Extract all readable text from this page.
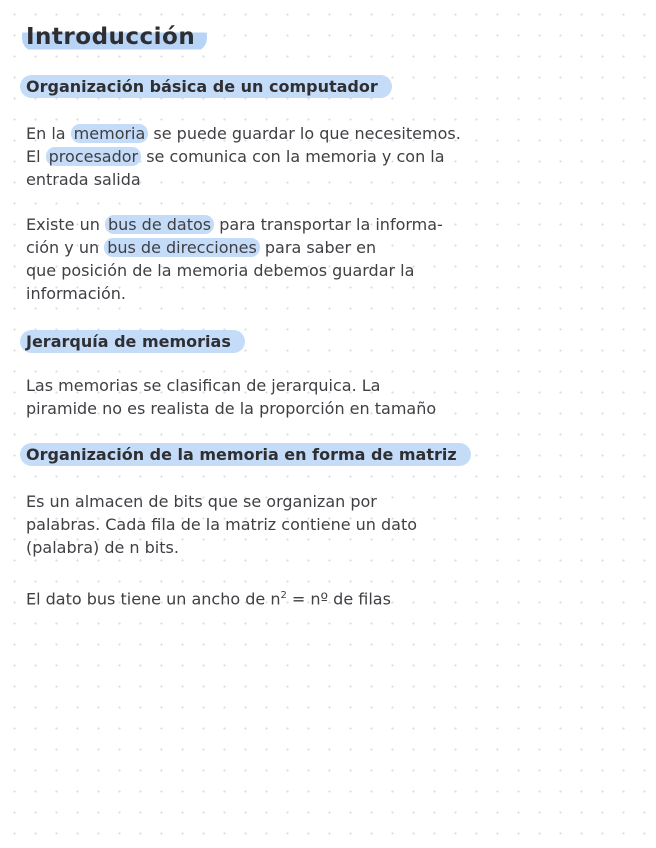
Introducción
Organización básica de un computador
En la memoria se puede guardar lo que necesitemos.
El procesador se comunica con la memoria y con la
entrada salida
Existe un bus de datos para transportar la informa-
ción y un bus de direcciones para saber en
que posición de la memoria debemos guardar la
información.
Jerarquía de memorias
Las memorias se clasifican de jerarquica. La
piramide no es realista de la proporción en tamaño
Organización de la memoria en forma de matriz
Es un almacen de bits que se organizan por
palabras. Cada fila de la matriz contiene un dato
(palabra) de n bits.
El dato bus tiene un ancho de $n^2$ = nº de filas
